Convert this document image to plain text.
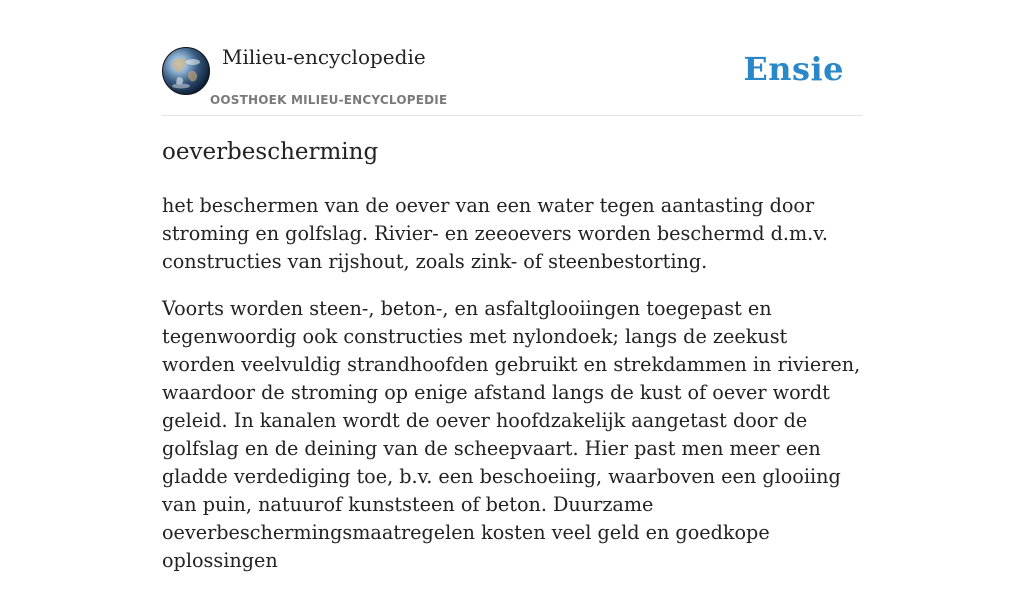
Milieu-encyclopedie
OOSTHOEK MILIEU-ENCYCLOPEDIE
Ensie
oeverbescherming

het beschermen van de oever van een water tegen aantasting door stroming en golfslag. Rivier- en zeeoevers worden beschermd d.m.v. constructies van rijshout, zoals zink- of steenbestorting.

Voorts worden steen-, beton-, en asfaltglooiingen toegepast en tegenwoordig ook constructies met nylondoek; langs de zeekust worden veelvuldig strandhoofden gebruikt en strekdammen in rivieren, waardoor de stroming op enige afstand langs de kust of oever wordt geleid. In kanalen wordt de oever hoofdzakelijk aangetast door de golfslag en de deining van de scheepvaart. Hier past men meer een gladde verdediging toe, b.v. een beschoeiing, waarboven een glooiing van puin, natuurof kunststeen of beton. Duurzame oeverbeschermingsmaatregelen kosten veel geld en goedkope oplossingen
